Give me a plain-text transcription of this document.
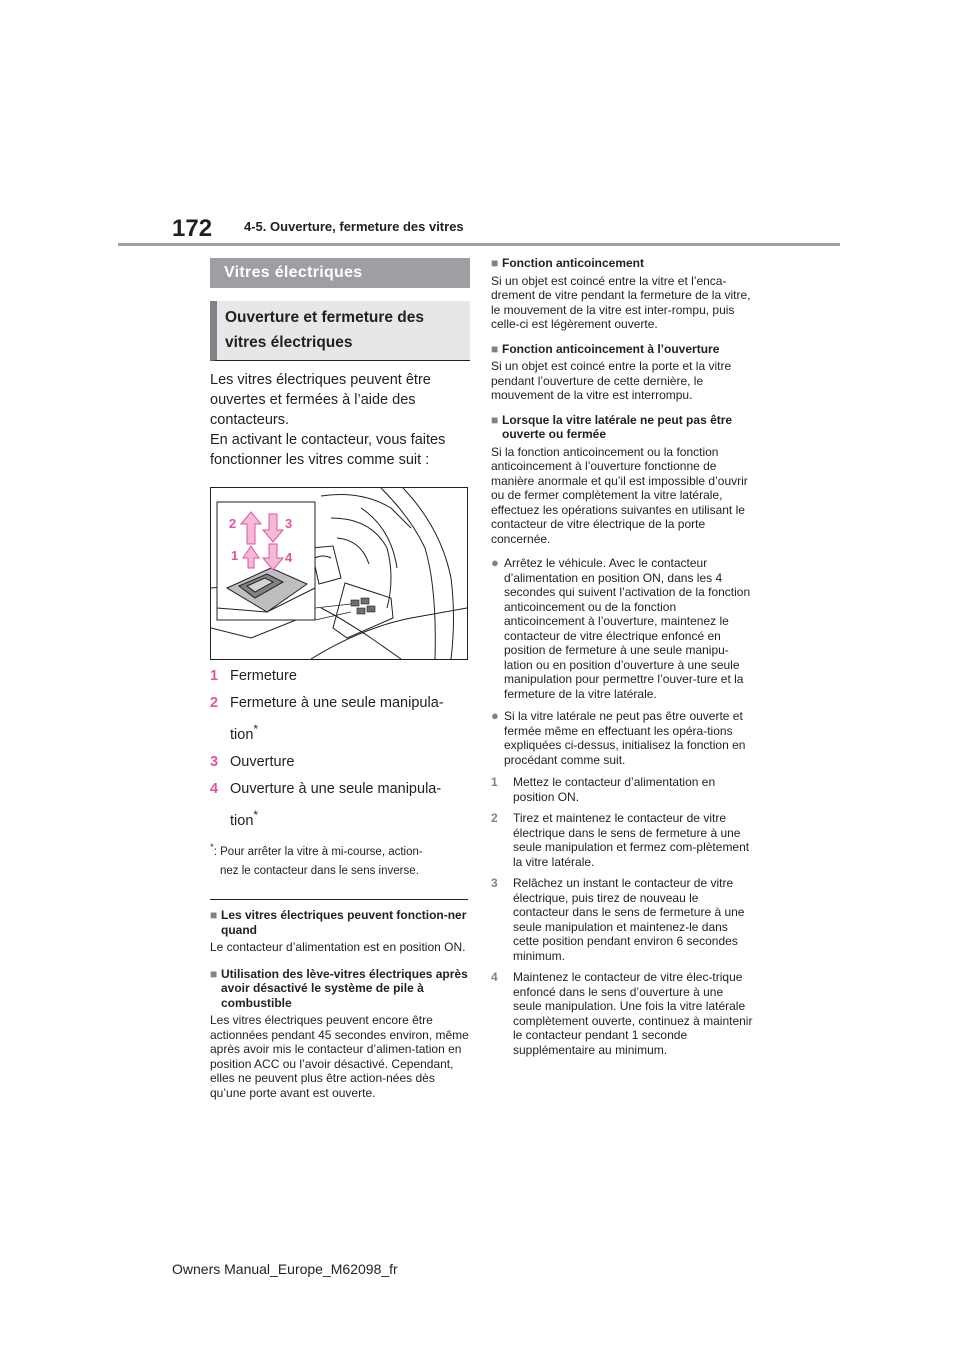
172 4-5. Ouverture, fermeture des vitres
Vitres électriques
Ouverture et fermeture des vitres électriques

Les vitres électriques peuvent être ouvertes et fermées à l’aide des contacteurs.

En activant le contacteur, vous faites fonctionner les vitres comme suit :

2	3
1	4
1 Fermeture
2 Fermeture à une seule manipula-
tion*
3 Ouverture
4 Ouverture à une seule manipula-
tion*
*: Pour arrêter la vitre à mi-course, action-
nez le contacteur dans le sens inverse.
■ Les vitres électriques peuvent fonction-ner quand
Le contacteur d’alimentation est en position ON.
■ Utilisation des lève-vitres électriques après avoir désactivé le système de pile à combustible
Les vitres électriques peuvent encore être actionnées pendant 45 secondes environ, même après avoir mis le contacteur d’alimen-tation en position ACC ou l’avoir désactivé. Cependant, elles ne peuvent plus être action-nées dès qu’une porte avant est ouverte.
■ Fonction anticoincement
Si un objet est coincé entre la vitre et l’enca-drement de vitre pendant la fermeture de la vitre, le mouvement de la vitre est inter-rompu, puis celle-ci est légèrement ouverte.
■ Fonction anticoincement à l’ouverture
Si un objet est coincé entre la porte et la vitre pendant l’ouverture de cette dernière, le mouvement de la vitre est interrompu.
■ Lorsque la vitre latérale ne peut pas être ouverte ou fermée
Si la fonction anticoincement ou la fonction anticoincement à l’ouverture fonctionne de manière anormale et qu’il est impossible d’ouvrir ou de fermer complètement la vitre latérale, effectuez les opérations suivantes en utilisant le contacteur de vitre électrique de la porte concernée.
● Arrêtez le véhicule. Avec le contacteur d’alimentation en position ON, dans les 4 secondes qui suivent l’activation de la fonction anticoincement ou de la fonction anticoincement à l’ouverture, maintenez le contacteur de vitre électrique enfoncé en position de fermeture à une seule manipu-lation ou en position d’ouverture à une seule manipulation pour permettre l’ouver-ture et la fermeture de la vitre latérale.
● Si la vitre latérale ne peut pas être ouverte et fermée même en effectuant les opéra-tions expliquées ci-dessus, initialisez la fonction en procédant comme suit.
1	Mettez le contacteur d’alimentation en position ON.
2	Tirez et maintenez le contacteur de vitre électrique dans le sens de fermeture à une seule manipulation et fermez com-plètement la vitre latérale.
3	Relâchez un instant le contacteur de vitre électrique, puis tirez de nouveau le contacteur dans le sens de fermeture à une seule manipulation et maintenez-le dans cette position pendant environ 6 secondes minimum.
4	Maintenez le contacteur de vitre élec-trique enfoncé dans le sens d’ouverture à une seule manipulation. Une fois la vitre latérale complètement ouverte, continuez à maintenir le contacteur pendant 1 seconde supplémentaire au minimum.
Owners Manual_Europe_M62098_fr
